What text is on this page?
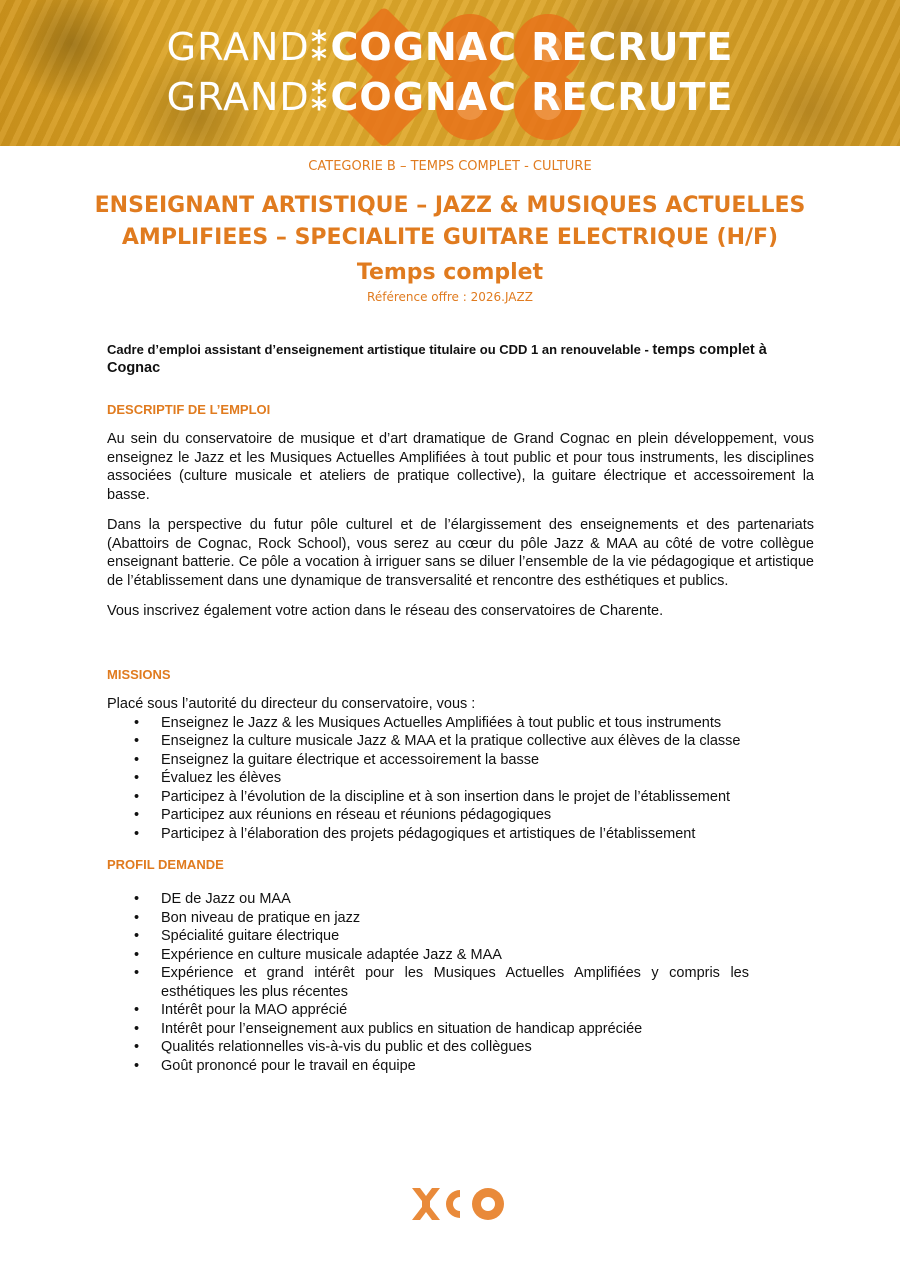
GRAND⁑COGNAC RECRUTE
GRAND⁑COGNAC RECRUTE
CATEGORIE B – TEMPS COMPLET - CULTURE
ENSEIGNANT ARTISTIQUE – JAZZ & MUSIQUES ACTUELLES
AMPLIFIEES – SPECIALITE GUITARE ELECTRIQUE (H/F)
Temps complet
Référence offre : 2026.JAZZ
Cadre d’emploi assistant d’enseignement artistique titulaire ou CDD 1 an renouvelable - temps complet à Cognac
DESCRIPTIF DE L’EMPLOI

Au sein du conservatoire de musique et d’art dramatique de Grand Cognac en plein développement, vous enseignez le Jazz et les Musiques Actuelles Amplifiées à tout public et pour tous instruments, les disciplines associées (culture musicale et ateliers de pratique collective), la guitare électrique et accessoirement la basse.

Dans la perspective du futur pôle culturel et de l’élargissement des enseignements et des partenariats (Abattoirs de Cognac, Rock School), vous serez au cœur du pôle Jazz & MAA au côté de votre collègue enseignant batterie. Ce pôle a vocation à irriguer sans se diluer l’ensemble de la vie pédagogique et artistique de l’établissement dans une dynamique de transversalité et rencontre des esthétiques et publics.

Vous inscrivez également votre action dans le réseau des conservatoires de Charente.

MISSIONS

Placé sous l’autorité du directeur du conservatoire, vous :

• Enseignez le Jazz & les Musiques Actuelles Amplifiées à tout public et tous instruments
• Enseignez la culture musicale Jazz & MAA et la pratique collective aux élèves de la classe
• Enseignez la guitare électrique et accessoirement la basse
• Évaluez les élèves
• Participez à l’évolution de la discipline et à son insertion dans le projet de l’établissement
• Participez aux réunions en réseau et réunions pédagogiques
• Participez à l’élaboration des projets pédagogiques et artistiques de l’établissement
PROFIL DEMANDE
• DE de Jazz ou MAA
• Bon niveau de pratique en jazz
• Spécialité guitare électrique
• Expérience en culture musicale adaptée Jazz & MAA
• Expérience et grand intérêt pour les Musiques Actuelles Amplifiées y compris les esthétiques les plus récentes
• Intérêt pour la MAO apprécié
• Intérêt pour l’enseignement aux publics en situation de handicap appréciée
• Qualités relationnelles vis-à-vis du public et des collègues
• Goût prononcé pour le travail en équipe
